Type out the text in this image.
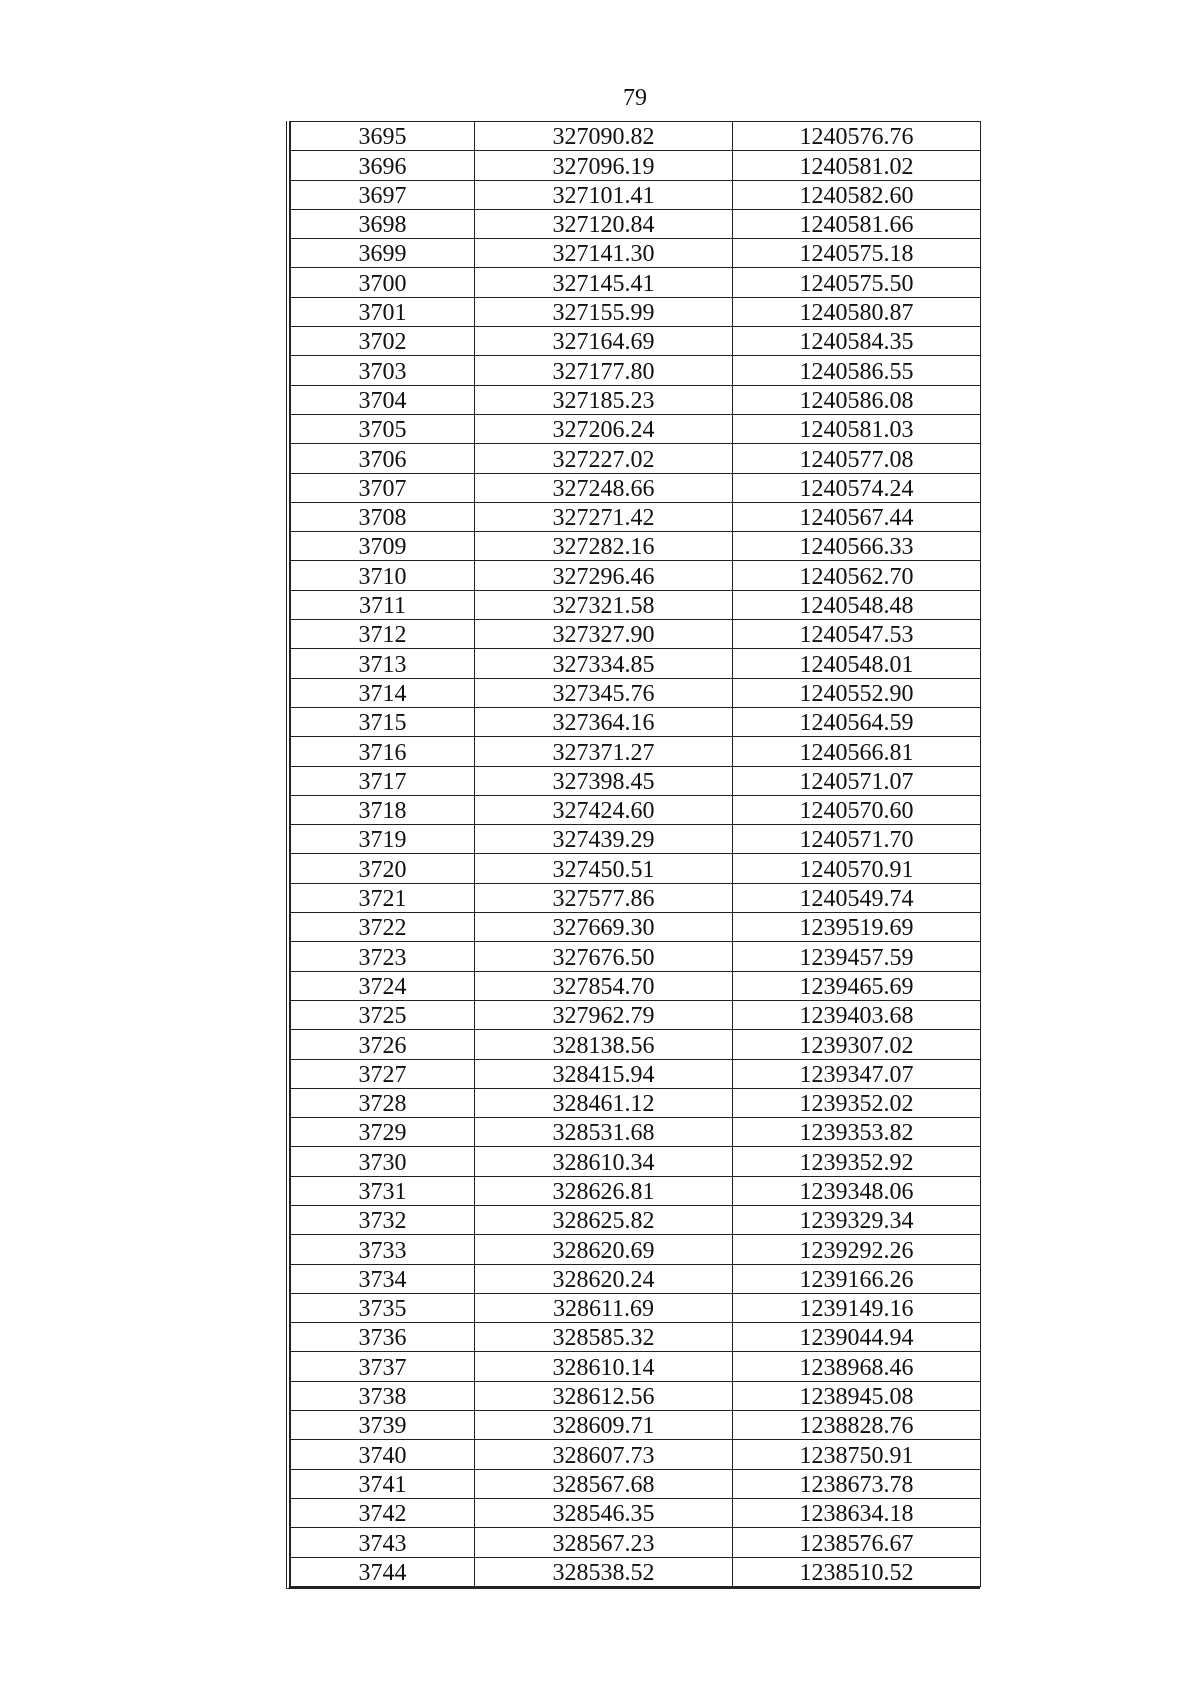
79
3695	327090.82	1240576.76
3696	327096.19	1240581.02
3697	327101.41	1240582.60
3698	327120.84	1240581.66
3699	327141.30	1240575.18
3700	327145.41	1240575.50
3701	327155.99	1240580.87
3702	327164.69	1240584.35
3703	327177.80	1240586.55
3704	327185.23	1240586.08
3705	327206.24	1240581.03
3706	327227.02	1240577.08
3707	327248.66	1240574.24
3708	327271.42	1240567.44
3709	327282.16	1240566.33
3710	327296.46	1240562.70
3711	327321.58	1240548.48
3712	327327.90	1240547.53
3713	327334.85	1240548.01
3714	327345.76	1240552.90
3715	327364.16	1240564.59
3716	327371.27	1240566.81
3717	327398.45	1240571.07
3718	327424.60	1240570.60
3719	327439.29	1240571.70
3720	327450.51	1240570.91
3721	327577.86	1240549.74
3722	327669.30	1239519.69
3723	327676.50	1239457.59
3724	327854.70	1239465.69
3725	327962.79	1239403.68
3726	328138.56	1239307.02
3727	328415.94	1239347.07
3728	328461.12	1239352.02
3729	328531.68	1239353.82
3730	328610.34	1239352.92
3731	328626.81	1239348.06
3732	328625.82	1239329.34
3733	328620.69	1239292.26
3734	328620.24	1239166.26
3735	328611.69	1239149.16
3736	328585.32	1239044.94
3737	328610.14	1238968.46
3738	328612.56	1238945.08
3739	328609.71	1238828.76
3740	328607.73	1238750.91
3741	328567.68	1238673.78
3742	328546.35	1238634.18
3743	328567.23	1238576.67
3744	328538.52	1238510.52
